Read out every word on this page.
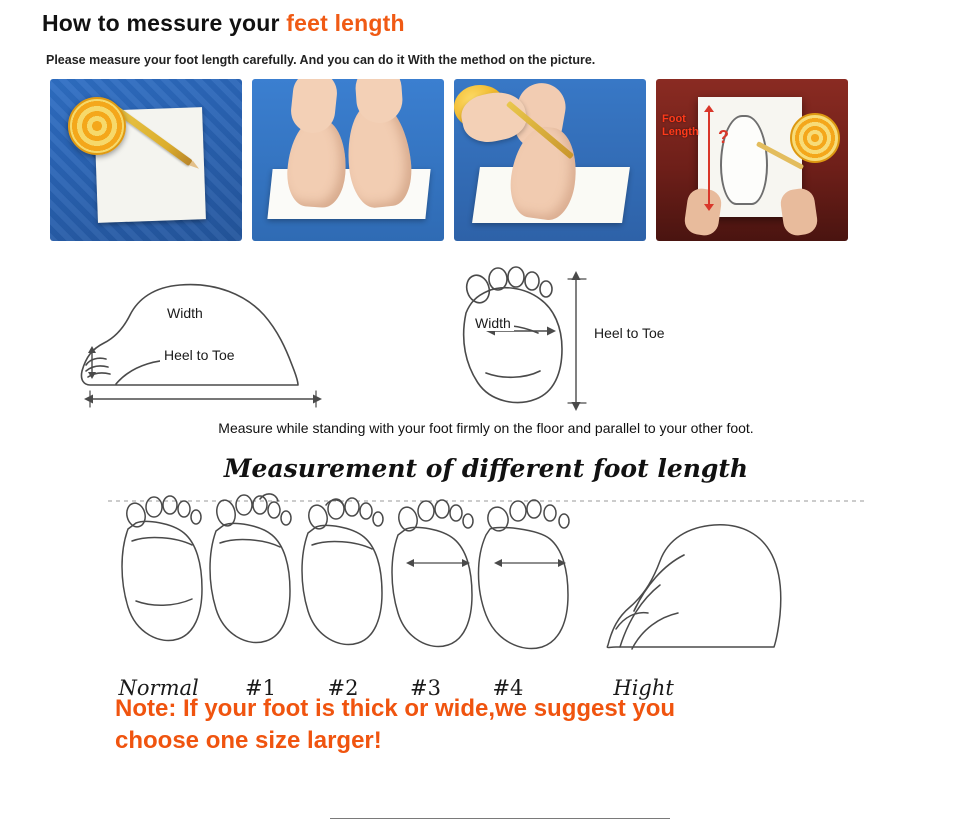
How to messure your feet length

Please measure your foot length carefully. And you can do it With the method on the picture.

Foot
Length ?
Width
Heel to Toe
Width
Heel to Toe

Measure while standing with your foot firmly on the floor and parallel to your other foot.

Measurement of different foot length
Normal	#1	#2	#3	#4	Hight
Note: If your foot is thick or wide,we suggest you
choose one size larger!
